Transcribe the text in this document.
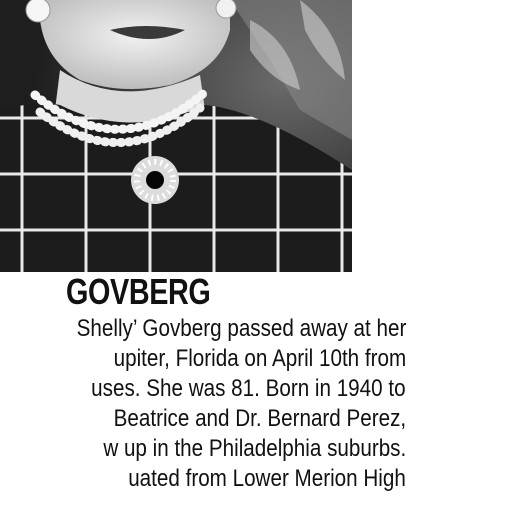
GOVBERG
Shelly’ Govberg passed away at her
upiter, Florida on April 10th from
uses. She was 81. Born in 1940 to
Beatrice and Dr. Bernard Perez,
w up in the Philadelphia suburbs.
uated from Lower Merion High
